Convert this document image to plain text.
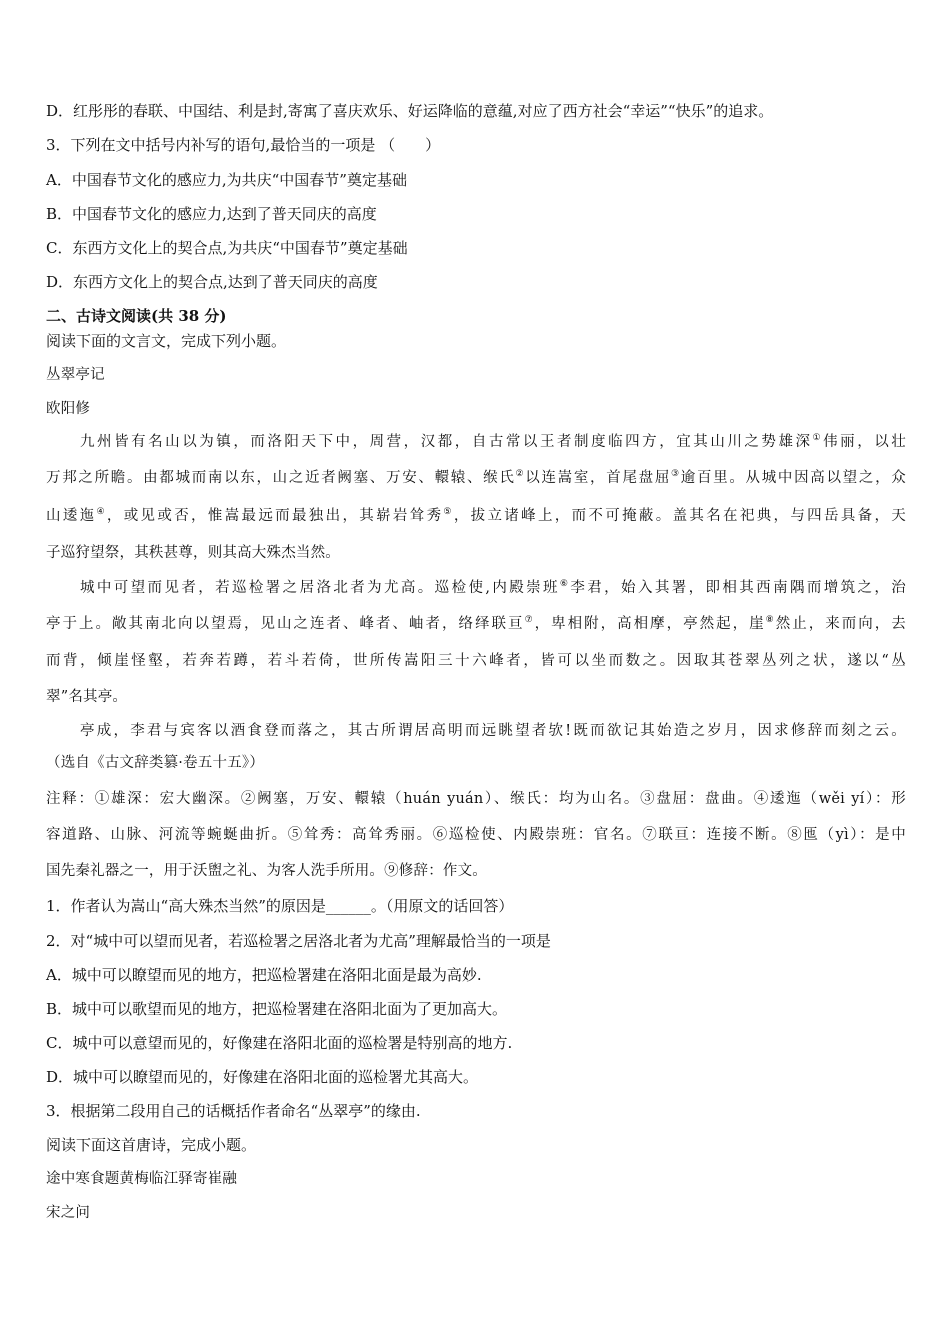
D．红彤彤的春联、中国结、利是封,寄寓了喜庆欢乐、好运降临的意蕴,对应了西方社会“幸运”“快乐”的追求。
3．下列在文中括号内补写的语句,最恰当的一项是 （　　）
A．中国春节文化的感应力,为共庆“中国春节”奠定基础
B．中国春节文化的感应力,达到了普天同庆的高度
C．东西方文化上的契合点,为共庆“中国春节”奠定基础
D．东西方文化上的契合点,达到了普天同庆的高度
二、古诗文阅读(共 38 分)
阅读下面的文言文，完成下列小题。
丛翠亭记
欧阳修
九州皆有名山以为镇，而洛阳天下中，周营，汉都，自古常以王者制度临四方，宜其山川之势雄深①伟丽，以壮
万邦之所瞻。由都城而南以东，山之近者阙塞、万安、轘辕、缑氏②以连嵩室，首尾盘屈③逾百里。从城中因高以望之，众
山逶迤④，或见或否，惟嵩最远而最独出，其崭岩耸秀⑤，拔立诸峰上，而不可掩蔽。盖其名在祀典，与四岳具备，天
子巡狩望祭，其秩甚尊，则其高大殊杰当然。
城中可望而见者，若巡检署之居洛北者为尤高。巡检使,内殿崇班⑥李君，始入其署，即相其西南隅而增筑之，治
亭于上。敞其南北向以望焉，见山之连者、峰者、岫者，络绎联亘⑦，卑相附，高相摩，亭然起，崖⑧然止，来而向，去
而背，倾崖怪壑，若奔若蹲，若斗若倚，世所传嵩阳三十六峰者，皆可以坐而数之。因取其苍翠丛列之状，遂以“丛
翠”名其亭。
亭成，李君与宾客以酒食登而落之，其古所谓居高明而远眺望者欤!既而欲记其始造之岁月，因求修辞而刻之云。
（选自《古文辞类篡·卷五十五》）
注释：①雄深：宏大幽深。②阙塞，万安、轘辕（huán yuán）、缑氏：均为山名。③盘屈：盘曲。④逶迤（wěi yí）：形
容道路、山脉、河流等蜿蜒曲折。⑤耸秀：高耸秀丽。⑥巡检使、内殿崇班：官名。⑦联亘：连接不断。⑧匜（yì）：是中
国先秦礼器之一，用于沃盥之礼、为客人洗手所用。⑨修辞：作文。
1．作者认为嵩山“高大殊杰当然”的原因是______。（用原文的话回答）
2．对“城中可以望而见者，若巡检署之居洛北者为尤高”理解最恰当的一项是
A．城中可以瞭望而见的地方，把巡检署建在洛阳北面是最为高妙.
B．城中可以歌望而见的地方，把巡检署建在洛阳北面为了更加高大。
C．城中可以意望而见的，好像建在洛阳北面的巡检署是特别高的地方.
D．城中可以瞭望而见的，好像建在洛阳北面的巡检署尤其高大。
3．根据第二段用自己的话概括作者命名“丛翠亭”的缘由.
阅读下面这首唐诗，完成小题。
途中寒食题黄梅临江驿寄崔融
宋之问
